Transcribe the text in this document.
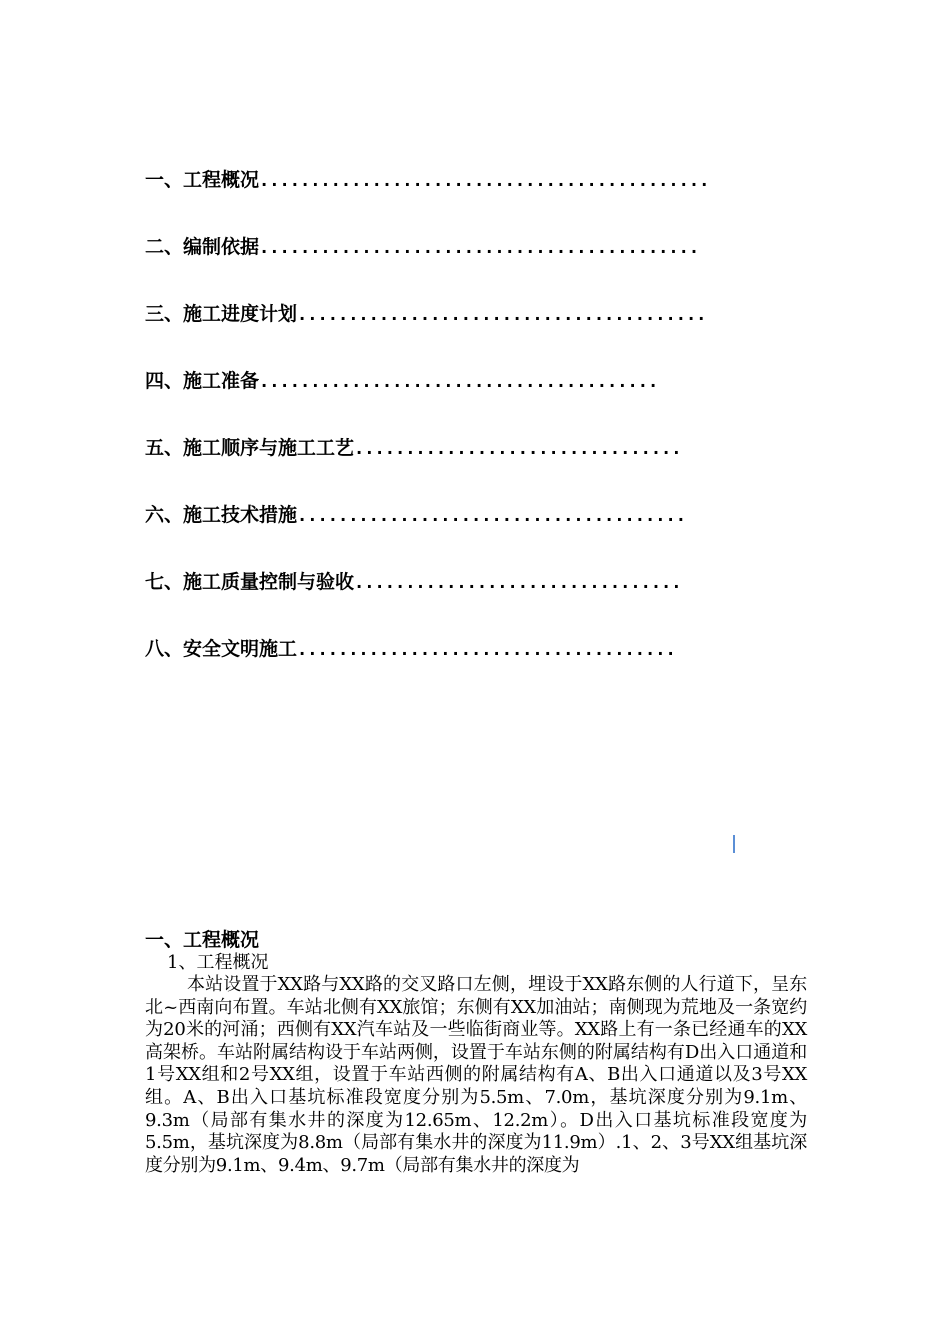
一、工程概况............................................
二、编制依据...........................................
三、施工进度计划........................................
四、施工准备.......................................
五、施工顺序与施工工艺................................
六、施工技术措施......................................
七、施工质量控制与验收................................
八、安全文明施工.....................................

一、工程概况

1、工程概况

本站设置于XX路与XX路的交叉路口左侧，埋设于XX路东侧的人行道下，呈东北~西南向布置。车站北侧有XX旅馆；东侧有XX加油站；南侧现为荒地及一条宽约为20米的河涌；西侧有XX汽车站及一些临街商业等。XX路上有一条已经通车的XX高架桥。车站附属结构设于车站两侧，设置于车站东侧的附属结构有D出入口通道和1号XX组和2号XX组，设置于车站西侧的附属结构有A、B出入口通道以及3号XX组。A、B出入口基坑标准段宽度分别为5.5m、7.0m，基坑深度分别为9.1m、9.3m（局部有集水井的深度为12.65m、12.2m）。D出入口基坑标准段宽度为5.5m，基坑深度为8.8m（局部有集水井的深度为11.9m）.1、2、3号XX组基坑深度分别为9.1m、9.4m、9.7m（局部有集水井的深度为
